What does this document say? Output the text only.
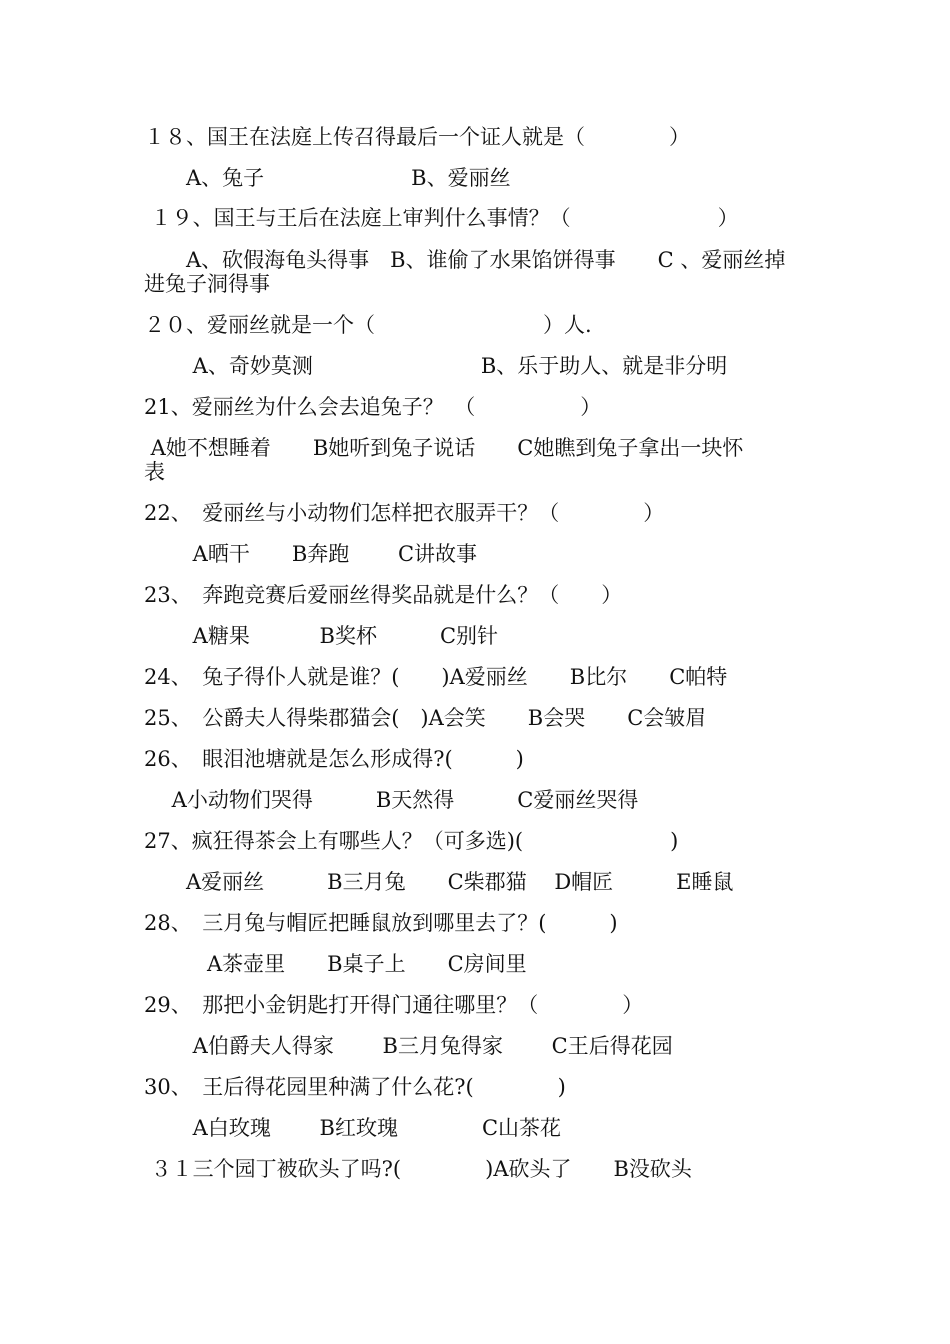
１８、国王在法庭上传召得最后一个证人就是（　　　　）

　　A、兔子　　　　　　　B、爱丽丝

１９、国王与王后在法庭上审判什么事情？（　　　　　　　）

　　A、砍假海龟头得事　B、谁偷了水果馅饼得事　　C 、爱丽丝掉

进兔子洞得事

２０、爱丽丝就是一个（　　　　　　　　）人.

　　 A、奇妙莫测　　　　　　　　B、乐于助人、就是非分明

21、爱丽丝为什么会去追兔子？　（　　　　　）

A她不想睡着　　B她听到兔子说话　　C她瞧到兔子拿出一块怀

表

22、　爱丽丝与小动物们怎样把衣服弄干？（　　　　）

　　 A晒干　　B奔跑　　 C讲故事

23、　奔跑竞赛后爱丽丝得奖品就是什么？（　　）

　　 A糖果　　　 B奖杯　　　C别针

24、　兔子得仆人就是谁？(　　)A爱丽丝　　B比尔　　C帕特

25、　公爵夫人得柴郡猫会(　)A会笑　　B会哭　　C会皱眉

26、　眼泪池塘就是怎么形成得?(　　　)

　 A小动物们哭得　　　B天然得　　　C爱丽丝哭得

27、疯狂得茶会上有哪些人？（可多选)(　　　　　　　)

　　A爱丽丝　　　B三月兔　　C柴郡猫　 D帽匠　　　E睡鼠

28、　三月兔与帽匠把睡鼠放到哪里去了？(　　　)

　　　A茶壶里　　B桌子上　　C房间里

29、　那把小金钥匙打开得门通往哪里？（　　　　）

　　 A伯爵夫人得家　　 B三月兔得家　　 C王后得花园

30、　王后得花园里种满了什么花?(　　　　)

　　 A白玫瑰　　 B红玫瑰　　　　C山茶花

３１三个园丁被砍头了吗?(　　　　)A砍头了　　B没砍头
